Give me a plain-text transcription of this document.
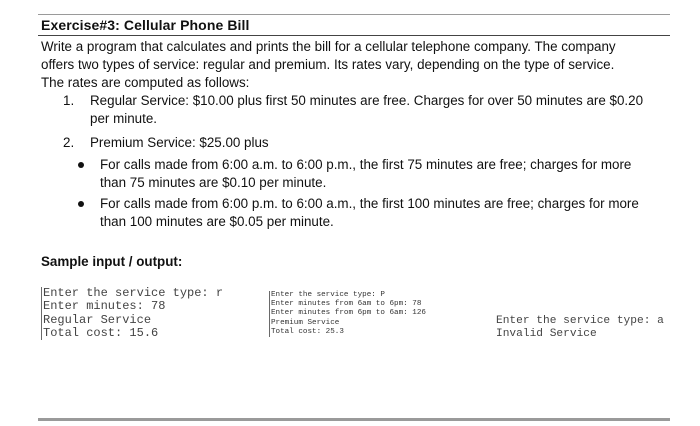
Exercise#3: Cellular Phone Bill
Write a program that calculates and prints the bill for a cellular telephone company. The company
offers two types of service: regular and premium. Its rates vary, depending on the type of service.
The rates are computed as follows:
1. Regular Service: $10.00 plus first 50 minutes are free. Charges for over 50 minutes are $0.20
per minute.
2. Premium Service: $25.00 plus
For calls made from 6:00 a.m. to 6:00 p.m., the first 75 minutes are free; charges for more
than 75 minutes are $0.10 per minute.
For calls made from 6:00 p.m. to 6:00 a.m., the first 100 minutes are free; charges for more
than 100 minutes are $0.05 per minute.
Sample input / output:
Enter the service type: r
Enter minutes: 78
Regular Service
Total cost: 15.6
Enter the service type: P
Enter minutes from 6am to 6pm: 78
Enter minutes from 6pm to 6am: 126
Premium Service
Total cost: 25.3
Enter the service type: a
Invalid Service
